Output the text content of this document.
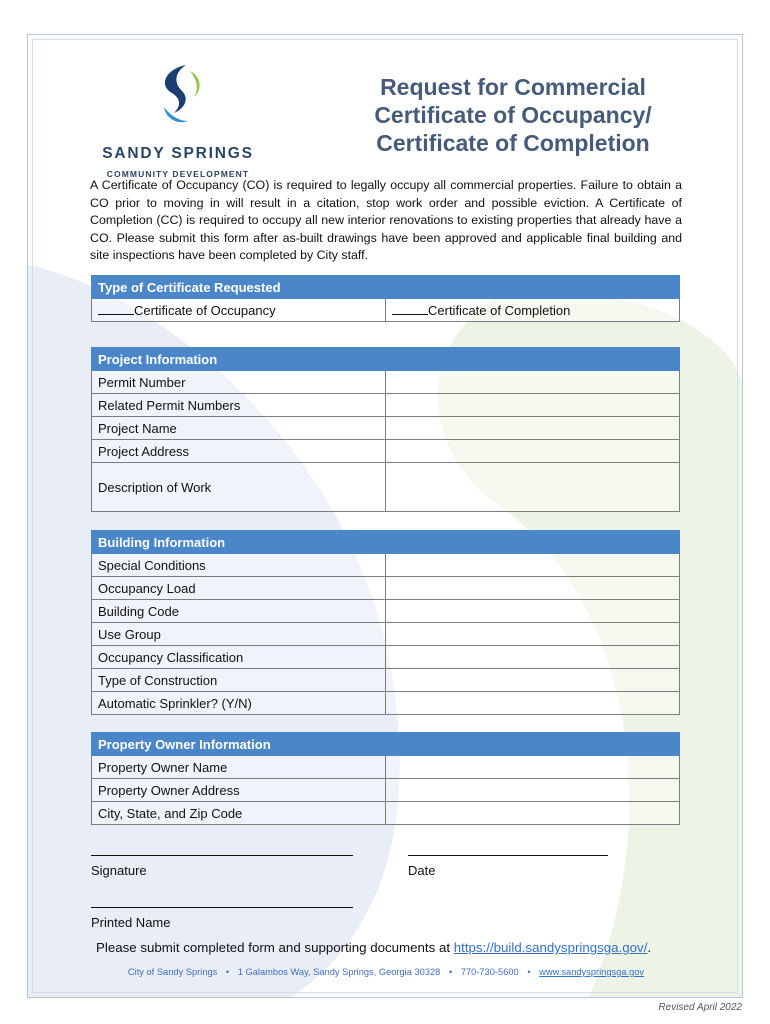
SANDY SPRINGS
COMMUNITY DEVELOPMENT
Request for Commercial
Certificate of Occupancy/
Certificate of Completion
A Certificate of Occupancy (CO) is required to legally occupy all commercial properties. Failure to obtain a CO prior to moving in will result in a citation, stop work order and possible eviction. A Certificate of Completion (CC) is required to occupy all new interior renovations to existing properties that already have a CO. Please submit this form after as-built drawings have been approved and applicable final building and site inspections have been completed by City staff.
Type of Certificate Requested
Certificate of Occupancy	Certificate of Completion
Project Information	
Permit Number	
Related Permit Numbers	
Project Name	
Project Address	
Description of Work	
Building Information	
Special Conditions	
Occupancy Load	
Building Code	
Use Group	
Occupancy Classification	
Type of Construction	
Automatic Sprinkler? (Y/N)	
Property Owner Information	
Property Owner Name	
Property Owner Address	
City, State, and Zip Code	
Signature	Date
Printed Name
Please submit completed form and supporting documents at https://build.sandyspringsga.gov/.
City of Sandy Springs • 1 Galambos Way, Sandy Springs, Georgia 30328 • 770-730-5600 • www.sandyspringsga.gov
Revised April 2022
